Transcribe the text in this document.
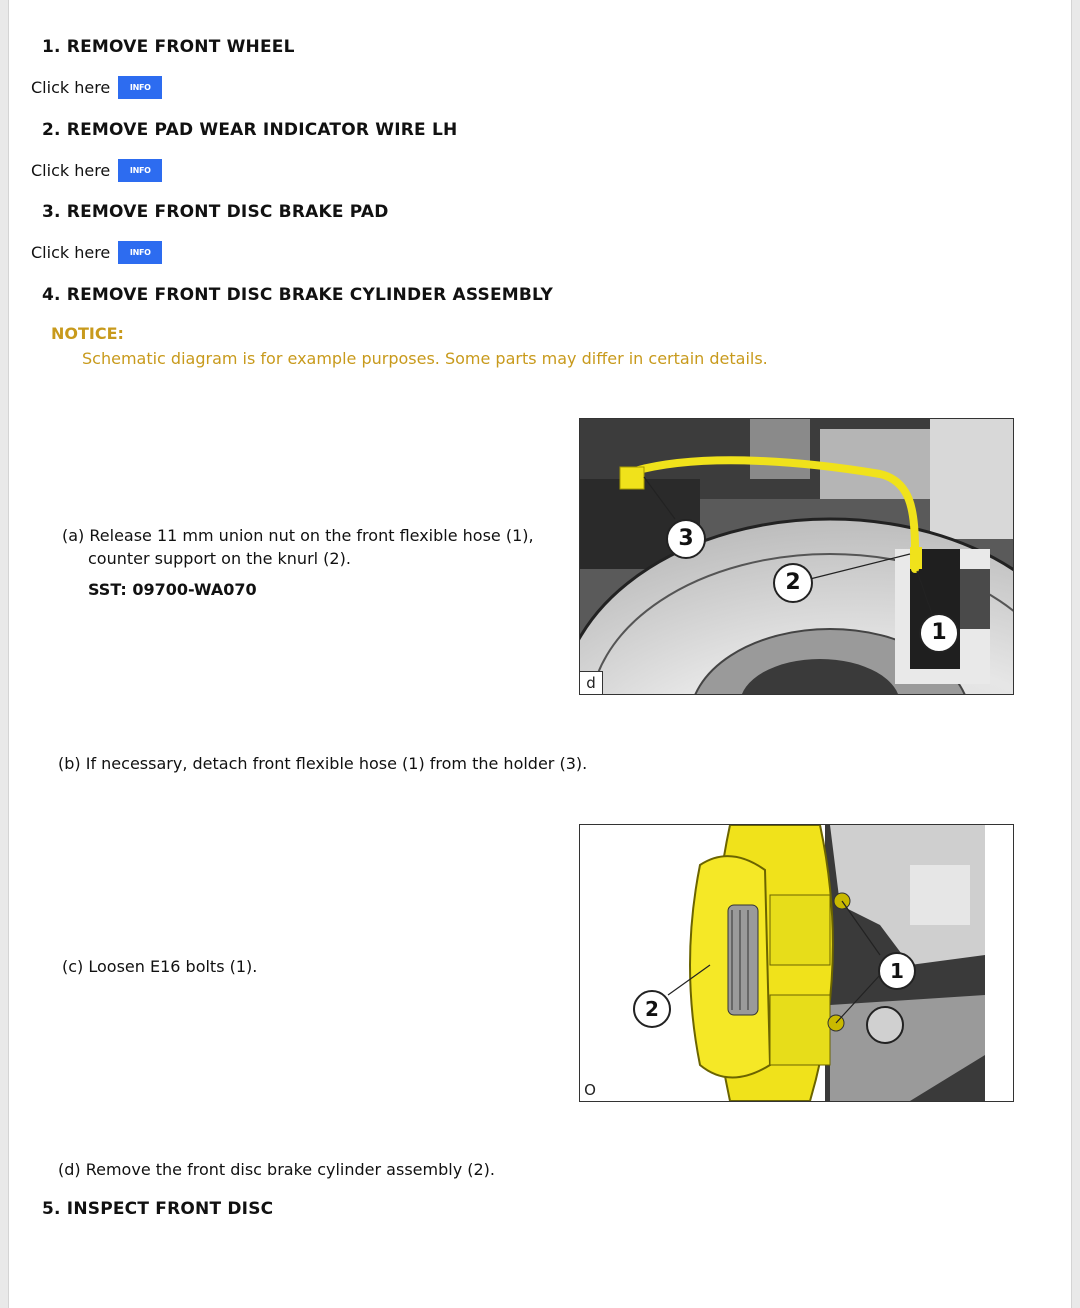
1. REMOVE FRONT WHEEL
Click here	INFO
2. REMOVE PAD WEAR INDICATOR WIRE LH
Click here	INFO
3. REMOVE FRONT DISC BRAKE PAD
Click here	INFO
4. REMOVE FRONT DISC BRAKE CYLINDER ASSEMBLY
NOTICE:
Schematic diagram is for example purposes. Some parts may differ in certain details.
(a) Release 11 mm union nut on the front flexible hose (1),
counter support on the knurl (2).
SST: 09700-WA070
3
2
1
d
(b) If necessary, detach front flexible hose (1) from the holder (3).
(c) Loosen E16 bolts (1).	1
2
O
(d) Remove the front disc brake cylinder assembly (2).
5. INSPECT FRONT DISC
